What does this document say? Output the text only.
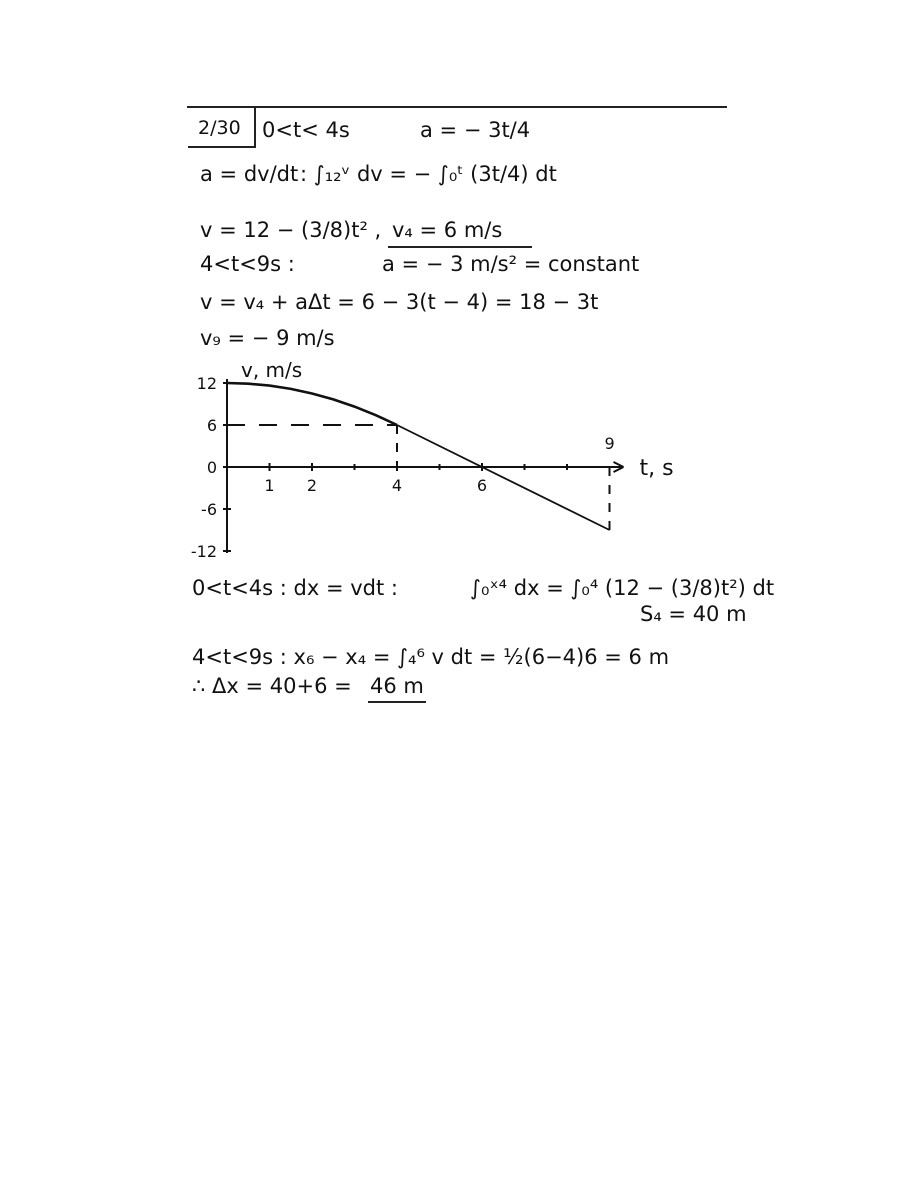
2/30 0<t< 4s	a = − 3t/4
a = dv/dt : ∫₁₂ᵛ dv = − ∫₀ᵗ (3t/4) dt
v = 12 − (3/8)t² , v₄ = 6 m/s
4<t<9s :	a = − 3 m/s² = constant
v = v₄ + aΔt = 6 − 3(t − 4) = 18 − 3t
v₉ = − 9 m/s
12
6
0
-6
-12
1 2	4	6
v, m/s
t, s
9
0<t<4s : dx = vdt :	∫₀ˣ⁴ dx = ∫₀⁴ (12 − (3/8)t²) dt
S₄ = 40 m
4<t<9s : x₆ − x₄ = ∫₄⁶ v dt = ½(6−4)6 = 6 m
∴ Δx = 40+6 = 46 m
